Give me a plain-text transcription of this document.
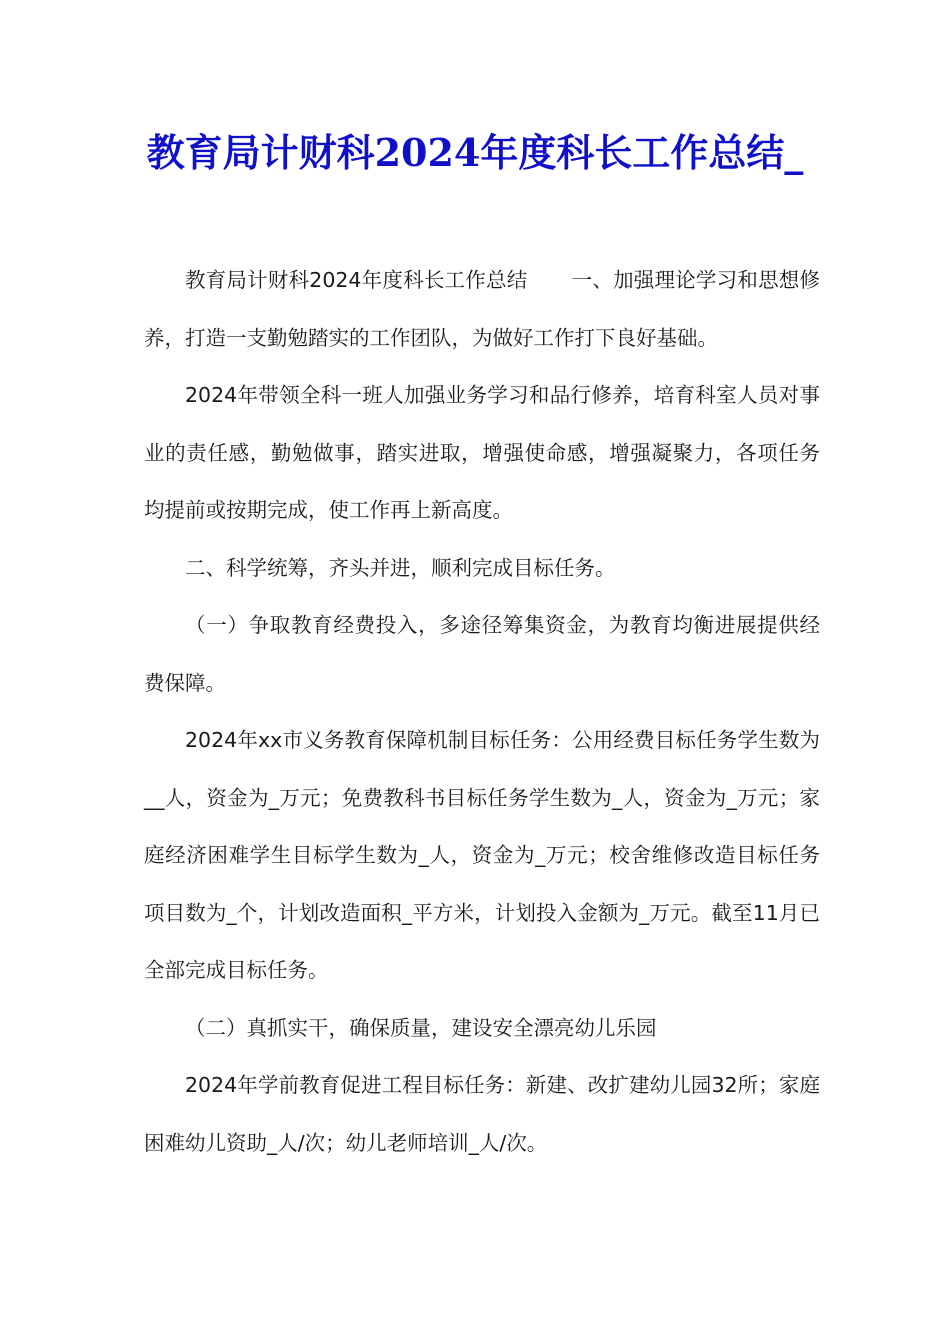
教育局计财科2024年度科长工作总结_

教育局计财科2024年度科长工作总结 一、加强理论学习和思想修养，打造一支勤勉踏实的工作团队，为做好工作打下良好基础。

2024年带领全科一班人加强业务学习和品行修养，培育科室人员对事业的责任感，勤勉做事，踏实进取，增强使命感，增强凝聚力，各项任务均提前或按期完成，使工作再上新高度。

二、科学统筹，齐头并进，顺利完成目标任务。

（一）争取教育经费投入，多途径筹集资金，为教育均衡进展提供经费保障。

2024年xx市义务教育保障机制目标任务：公用经费目标任务学生数为__人，资金为_万元；免费教科书目标任务学生数为_人，资金为_万元；家庭经济困难学生目标学生数为_人，资金为_万元；校舍维修改造目标任务项目数为_个，计划改造面积_平方米，计划投入金额为_万元。截至11月已全部完成目标任务。

（二）真抓实干，确保质量，建设安全漂亮幼儿乐园

2024年学前教育促进工程目标任务：新建、改扩建幼儿园32所；家庭困难幼儿资助_人/次；幼儿老师培训_人/次。
